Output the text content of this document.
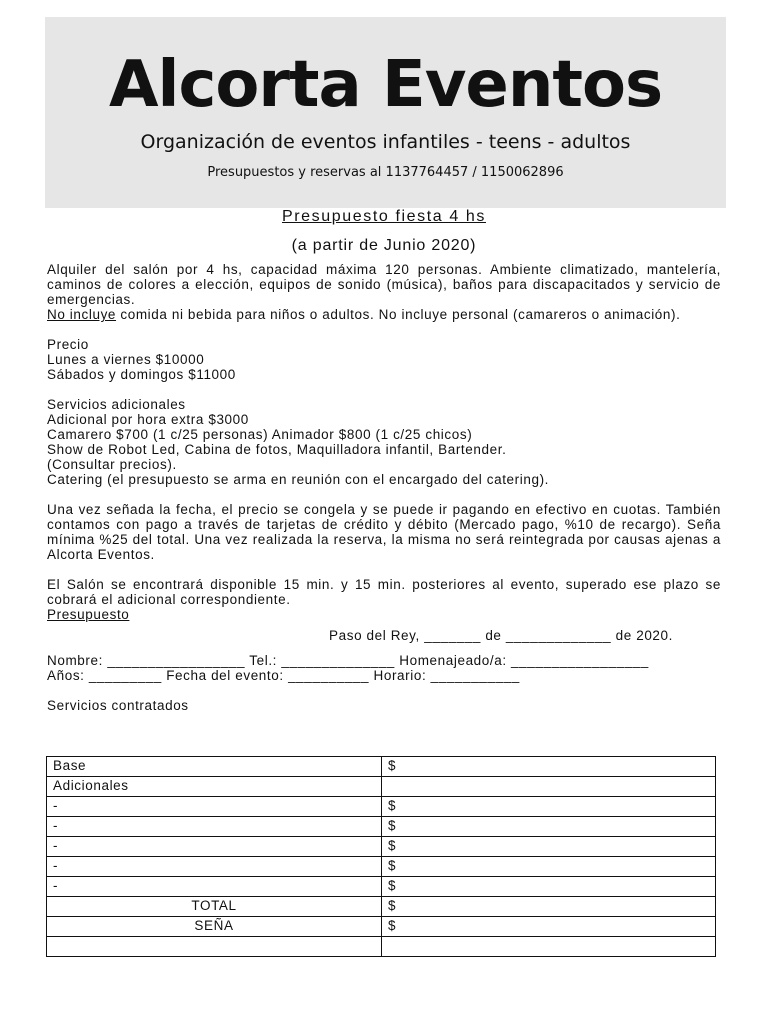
Alcorta Eventos
Organización de eventos infantiles - teens - adultos
Presupuestos y reservas al 1137764457 / 1150062896
Presupuesto fiesta 4 hs
(a partir de Junio 2020)

Alquiler del salón por 4 hs, capacidad máxima 120 personas. Ambiente climatizado, mantelería, caminos de colores a elección, equipos de sonido (música), baños para discapacitados y servicio de emergencias.

No incluye comida ni bebida para niños o adultos. No incluye personal (camareros o animación).

Precio
Lunes a viernes $10000
Sábados y domingos $11000
Servicios adicionales
Adicional por hora extra $3000
Camarero $700 (1 c/25 personas) Animador $800 (1 c/25 chicos)
Show de Robot Led, Cabina de fotos, Maquilladora infantil, Bartender.
(Consultar precios).
Catering (el presupuesto se arma en reunión con el encargado del catering).

Una vez señada la fecha, el precio se congela y se puede ir pagando en efectivo en cuotas. También contamos con pago a través de tarjetas de crédito y débito (Mercado pago, %10 de recargo). Seña mínima %25 del total. Una vez realizada la reserva, la misma no será reintegrada por causas ajenas a Alcorta Eventos.

El Salón se encontrará disponible 15 min. y 15 min. posteriores al evento, superado ese plazo se cobrará el adicional correspondiente.

Presupuesto
Paso del Rey, _______ de _____________ de 2020.
Nombre: _________________ Tel.: ______________ Homenajeado/a: _________________
Años: _________ Fecha del evento: __________ Horario: ___________
Servicios contratados
Base	$
Adicionales	
-	$
-	$
-	$
-	$
-	$
TOTAL	$
SEÑA	$
